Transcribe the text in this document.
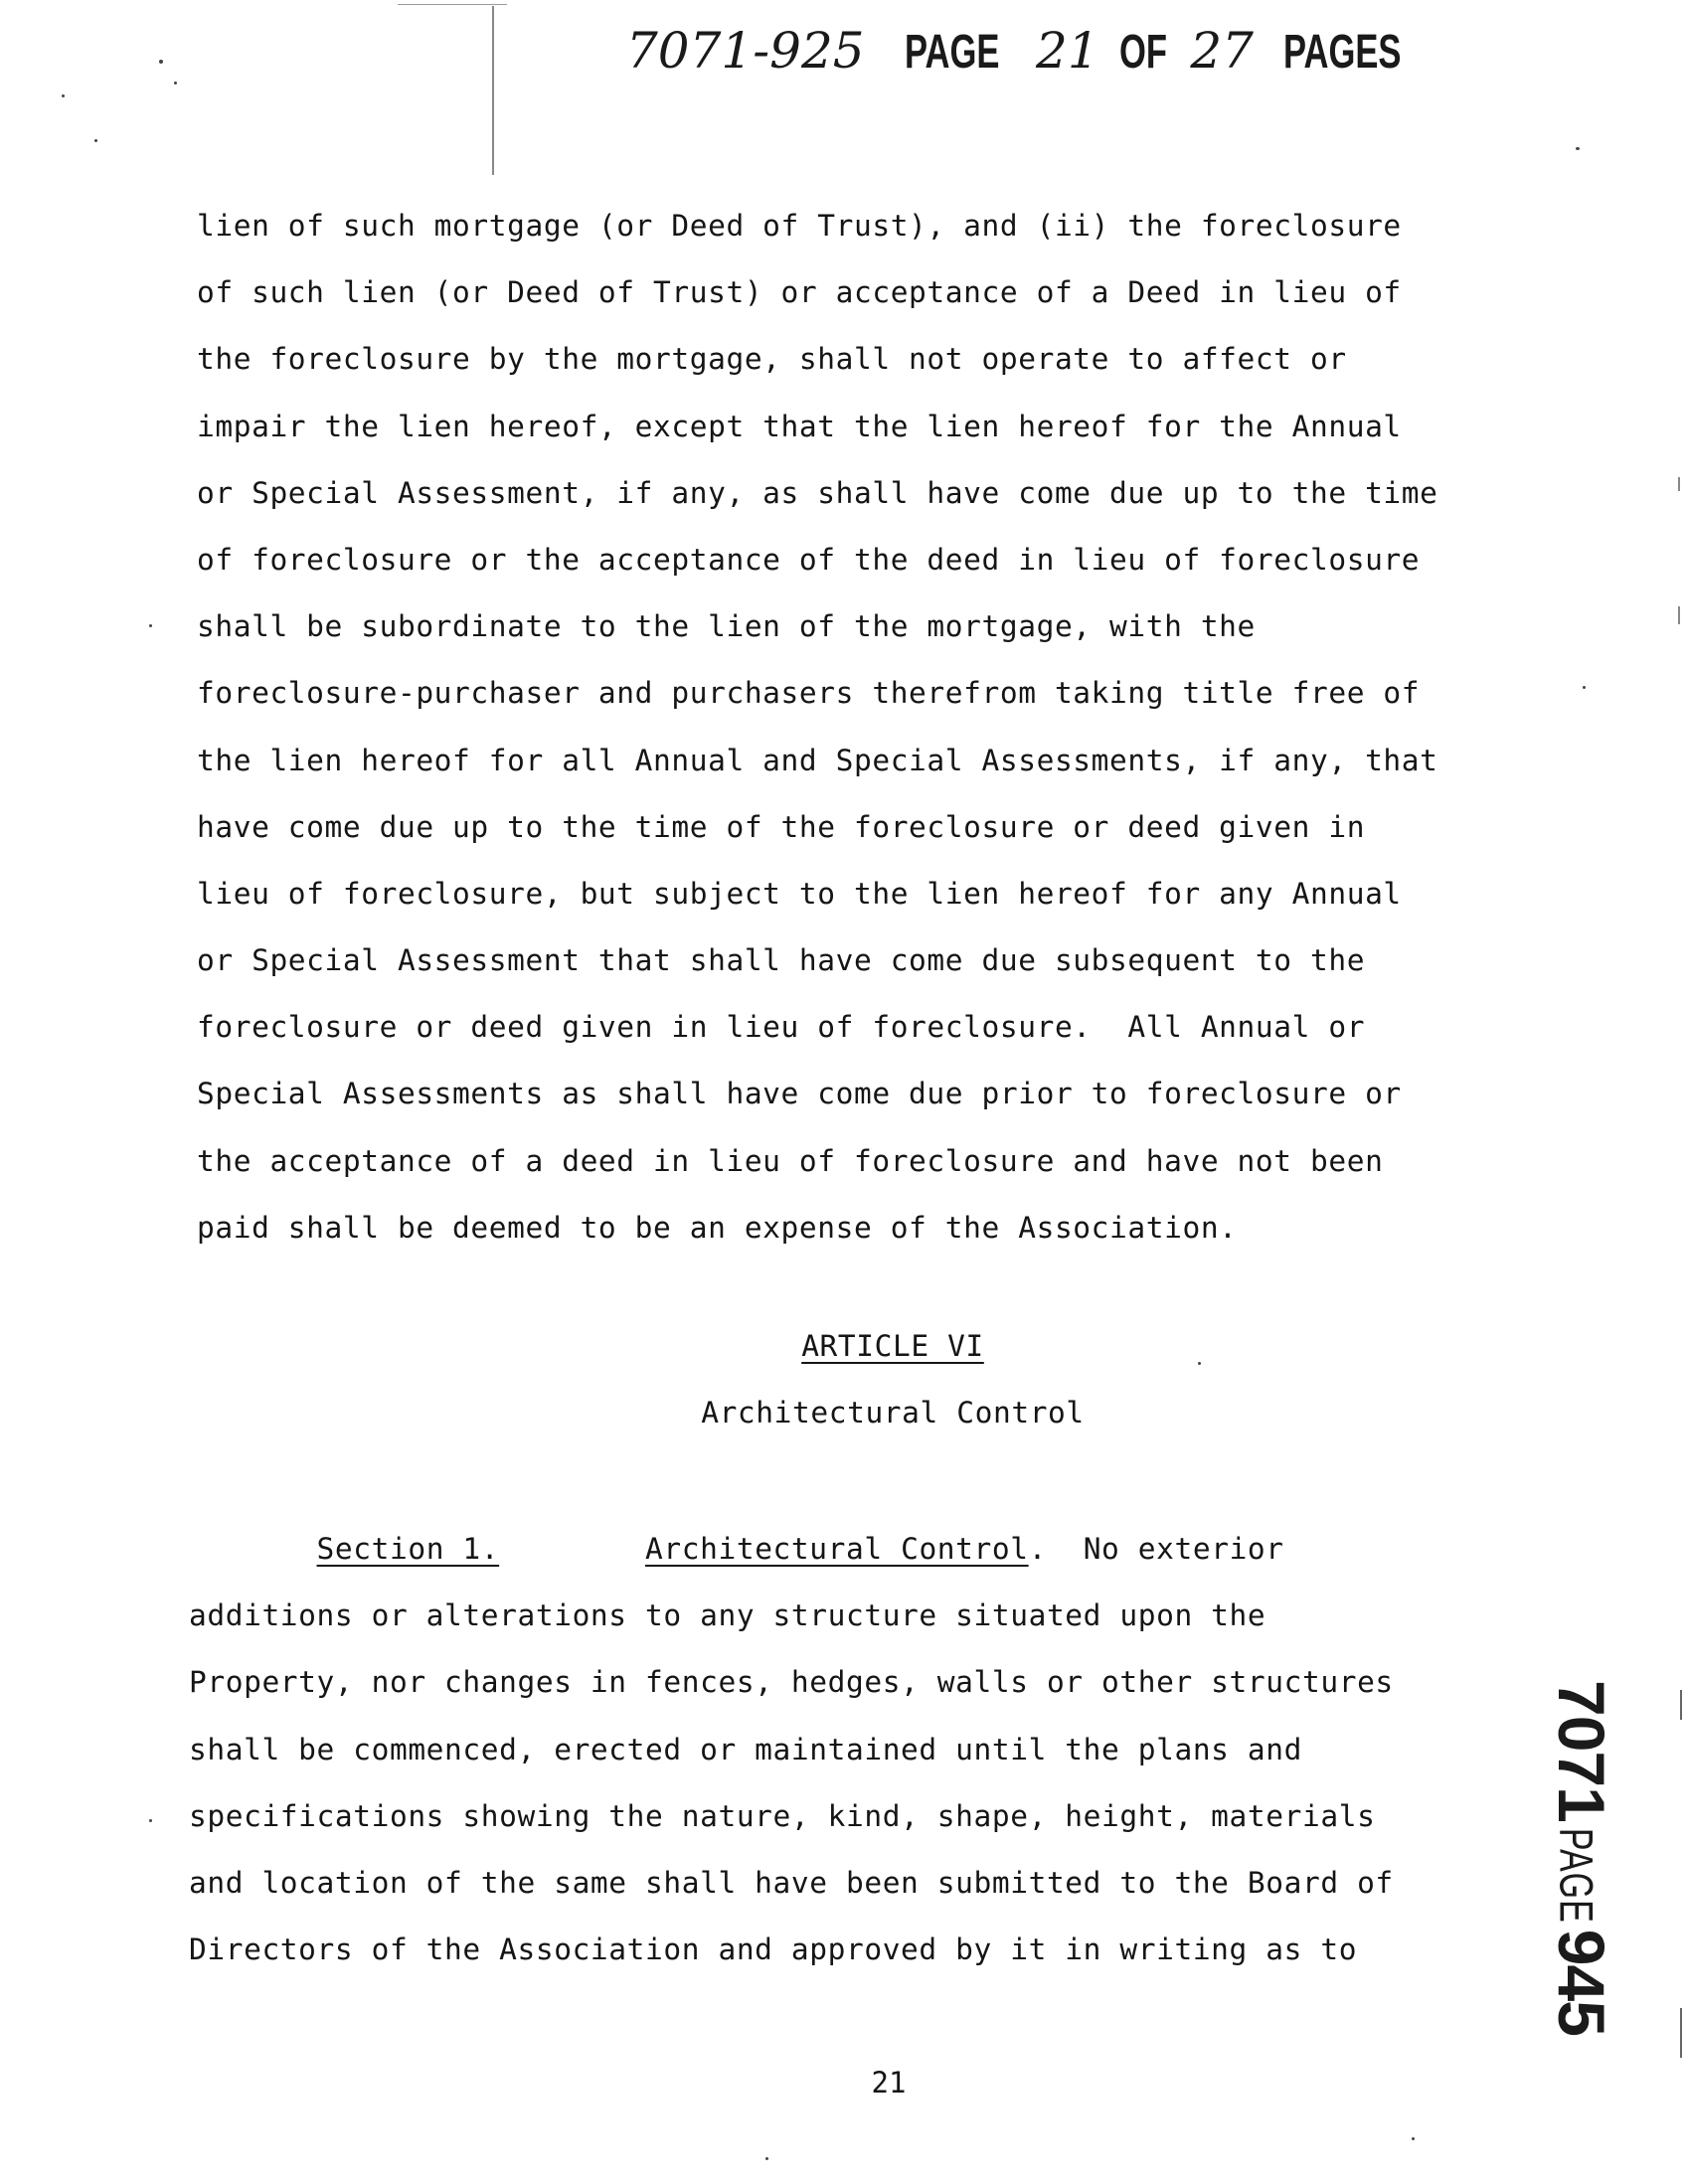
7071-925 PAGE 21 OF 27 PAGES
lien of such mortgage (or Deed of Trust), and (ii) the foreclosure
of such lien (or Deed of Trust) or acceptance of a Deed in lieu of
the foreclosure by the mortgage, shall not operate to affect or
impair the lien hereof, except that the lien hereof for the Annual
or Special Assessment, if any, as shall have come due up to the time
of foreclosure or the acceptance of the deed in lieu of foreclosure
shall be subordinate to the lien of the mortgage, with the
foreclosure-purchaser and purchasers therefrom taking title free of
the lien hereof for all Annual and Special Assessments, if any, that
have come due up to the time of the foreclosure or deed given in
lieu of foreclosure, but subject to the lien hereof for any Annual
or Special Assessment that shall have come due subsequent to the
foreclosure or deed given in lieu of foreclosure.  All Annual or
Special Assessments as shall have come due prior to foreclosure or
the acceptance of a deed in lieu of foreclosure and have not been
paid shall be deemed to be an expense of the Association.
ARTICLE VI
Architectural Control
Section 1.	Architectural Control.  No exterior
additions or alterations to any structure situated upon the
Property, nor changes in fences, hedges, walls or other structures
shall be commenced, erected or maintained until the plans and
specifications showing the nature, kind, shape, height, materials
and location of the same shall have been submitted to the Board of
Directors of the Association and approved by it in writing as to
21
7071PAGE945
